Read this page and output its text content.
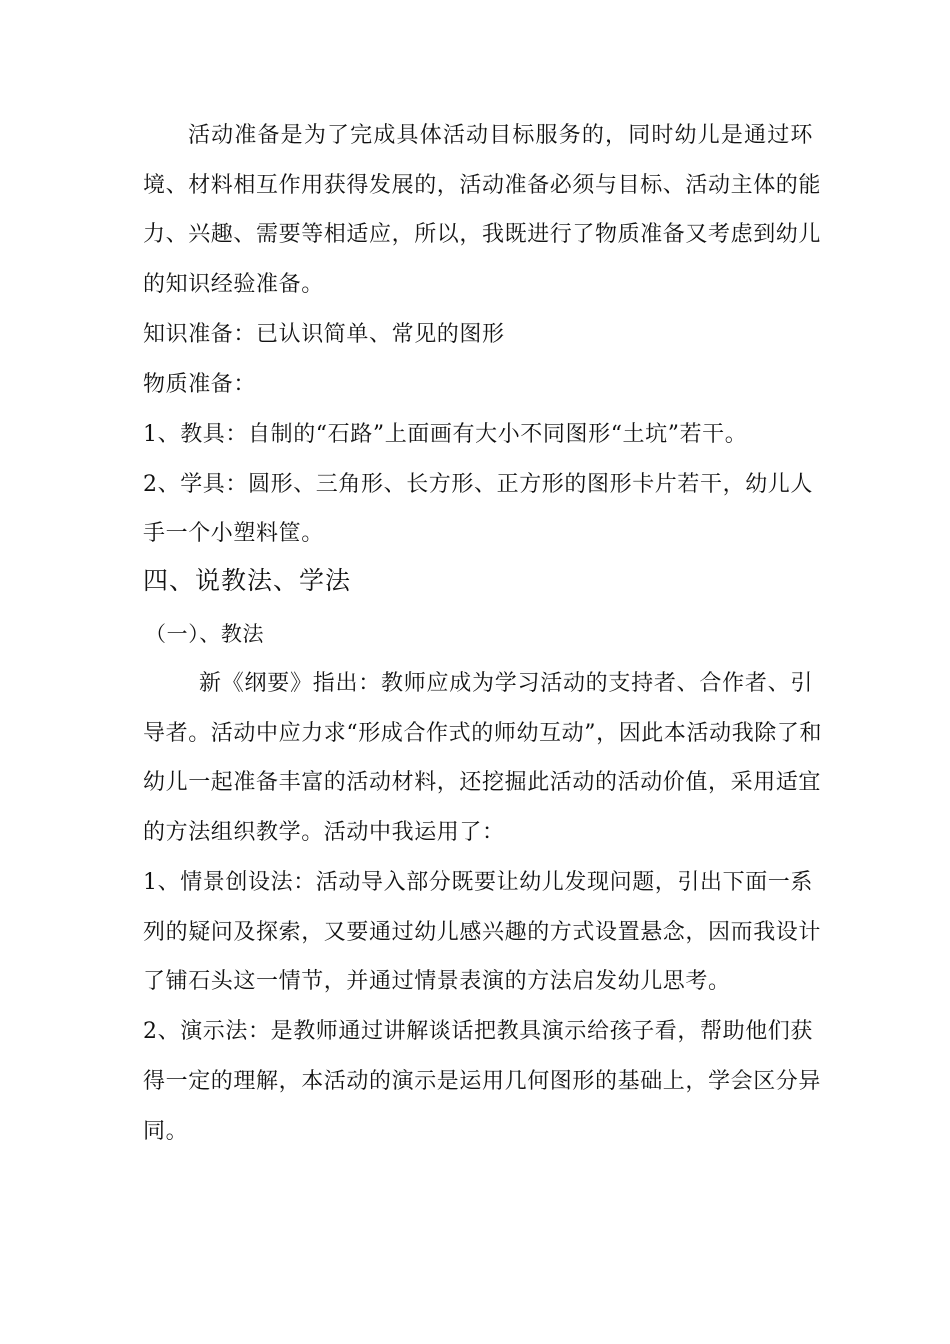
活动准备是为了完成具体活动目标服务的，同时幼儿是通过环
境、材料相互作用获得发展的，活动准备必须与目标、活动主体的能
力、兴趣、需要等相适应，所以，我既进行了物质准备又考虑到幼儿
的知识经验准备。
知识准备：已认识简单、常见的图形
物质准备：
1、教具：自制的“石路”上面画有大小不同图形“土坑”若干。
2、学具：圆形、三角形、长方形、正方形的图形卡片若干，幼儿人
手一个小塑料筐。
四、说教法、学法
（一）、教法
新《纲要》指出：教师应成为学习活动的支持者、合作者、引
导者。活动中应力求“形成合作式的师幼互动”，因此本活动我除了和
幼儿一起准备丰富的活动材料，还挖掘此活动的活动价值，采用适宜
的方法组织教学。活动中我运用了：
1、情景创设法：活动导入部分既要让幼儿发现问题，引出下面一系
列的疑问及探索，又要通过幼儿感兴趣的方式设置悬念，因而我设计
了铺石头这一情节，并通过情景表演的方法启发幼儿思考。
2、演示法：是教师通过讲解谈话把教具演示给孩子看，帮助他们获
得一定的理解，本活动的演示是运用几何图形的基础上，学会区分异
同。
